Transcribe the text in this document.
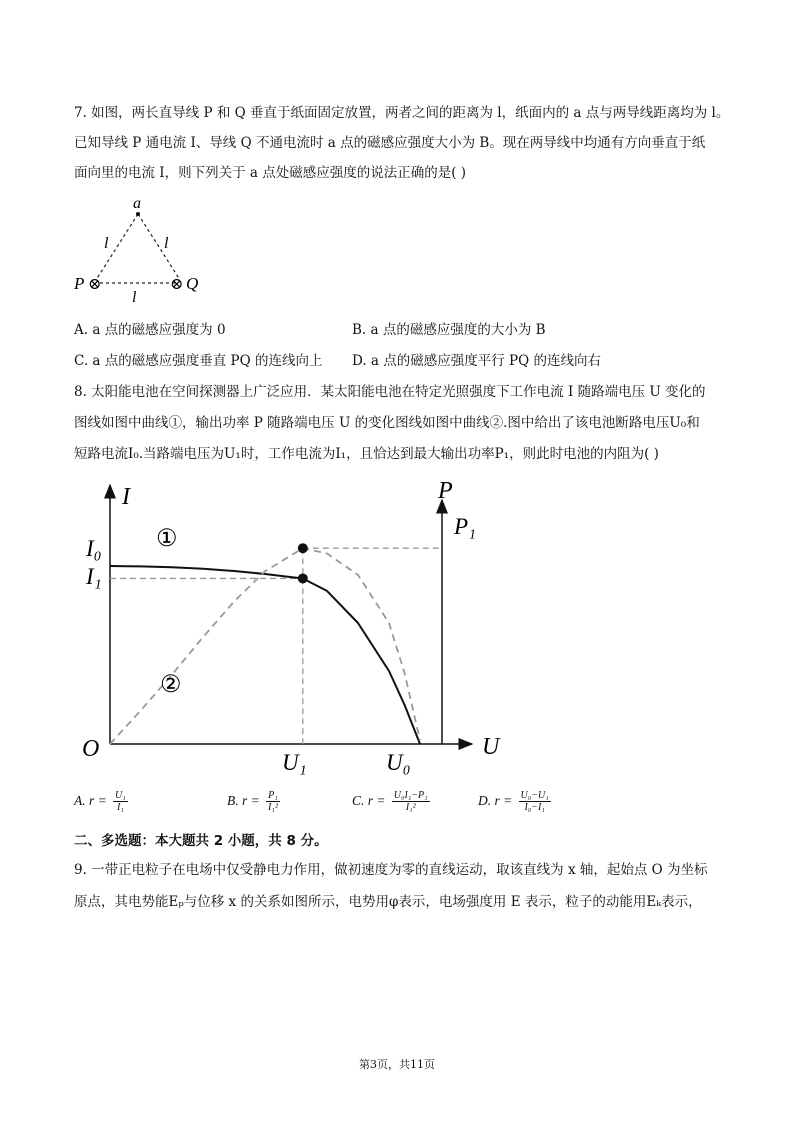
7. 如图，两长直导线 P 和 Q 垂直于纸面固定放置，两者之间的距离为 l，纸面内的 a 点与两导线距离均为 l。
已知导线 P 通电流 I、导线 Q 不通电流时 a 点的磁感应强度大小为 B。现在两导线中均通有方向垂直于纸
面向里的电流 I，则下列关于 a 点处磁感应强度的说法正确的是( )
a
l	l
l
P ⊗	⊗ Q
A. a 点的磁感应强度为 0	B. a 点的磁感应强度的大小为 B
C. a 点的磁感应强度垂直 PQ 的连线向上 D. a 点的磁感应强度平行 PQ 的连线向右
8. 太阳能电池在空间探测器上广泛应用．某太阳能电池在特定光照强度下工作电流 I 随路端电压 U 变化的
图线如图中曲线①，输出功率 P 随路端电压 U 的变化图线如图中曲线②.图中给出了该电池断路电压U₀和
短路电流I₀.当路端电压为U₁时，工作电流为I₁，且恰达到最大输出功率P₁，则此时电池的内阻为( )
I	P
U
O
U₁	U₀
I₀
I₁
P₁
①
②
A. $r = \frac{\text{U₁}}{\text{I₁}}$	B. $r = \frac{\text{P₁}}{\text{I₁²}}$	C. $r = \frac{\text{U₀I₁−P₁}}{\text{I₁²}}$	D. $r = \frac{\text{U₀−U₁}}{\text{I₀−I₁}}$
二、多选题：本大题共 2 小题，共 8 分。
9. 一带正电粒子在电场中仅受静电力作用，做初速度为零的直线运动，取该直线为 x 轴，起始点 O 为坐标
原点，其电势能Eₚ与位移 x 的关系如图所示，电势用φ表示，电场强度用 E 表示，粒子的动能用Eₖ表示，
第3页，共11页
